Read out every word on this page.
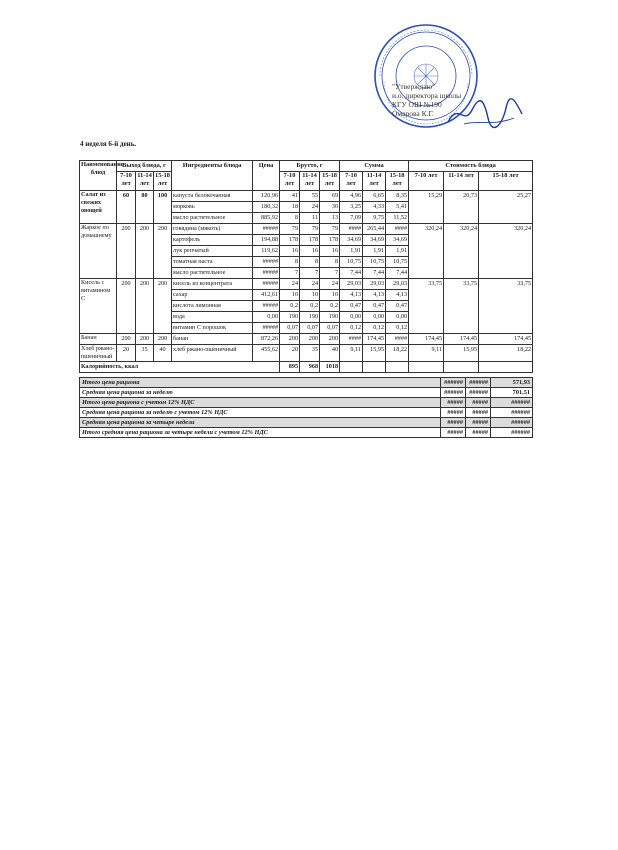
"Утверждаю"
и.о. директора школы
КГУ ОШ №190
Омарова К.Г.
4 неделя 6-й день.
Наименование блюд	Выход блюда, г			Ингредиенты блюда	Цена	Брутто, г			Сумма			Стоимость блюда		
	7-10 лет	11-14 лет	15-18 лет			7-10 лет	11-14 лет	15-18 лет	7-10 лет	11-14 лет	15-18 лет	7-10 лет	11-14 лет	15-18 лет
Салат из свежих овощей	60	80	100	капуста белокочанная	120,96	41	55	69	4,96	6,65	8,35	15,29	20,73	25,27
				морковь	180,32	18	24	30	3,25	4,33	5,41			
				масло растительное	885,92	8	11	13	7,09	9,75	11,52			
Жаркое по домашнему	200	200	200	говядина (мякоть)	#####	79	79	79	####	265,44	####	320,24	320,24	320,24
				картофель	194,88	178	178	178	34,69	34,69	34,69			
				лук репчатый	119,62	16	16	16	1,91	1,91	1,91			
				томатная паста	#####	8	8	8	10,75	10,75	10,75			
				масло растительное	#####	7	7	7	7,44	7,44	7,44			
Кисель с витамином С	200	200	200	кисель из концентрата	#####	24	24	24	29,03	29,03	29,03	33,75	33,75	33,75
				сахар	412,61	10	10	10	4,13	4,13	4,13			
				кислота лимонная	#####	0,2	0,2	0,2	0,47	0,47	0,47			
				вода	0,00	190	190	190	0,00	0,00	0,00			
				витамин С порошок	#####	0,07	0,07	0,07	0,12	0,12	0,12			
Банан	200	200	200	банан	872,26	200	200	200	####	174,45	####	174,45	174,45	174,45
Хлеб ржано-пшеничный	20	35	40	хлеб ржано-пшеничный	455,62	20	35	40	9,11	15,95	18,22	9,11	15,95	18,22
Калорийность, ккал						895	968	1018						
Итого цена рациона	######	######	571,93
Средняя цена рациона за неделю	######	######	701,51
Итого цена рациона с учетом 12% НДС	#####	#####	######
Средняя цена рациона за неделю с учетом 12% НДС	#####	#####	######
Средняя цена рациона за четыре недели	#####	#####	######
Итого средняя цена рациона за четыре недели с учетом 12% НДС	#####	#####	######
